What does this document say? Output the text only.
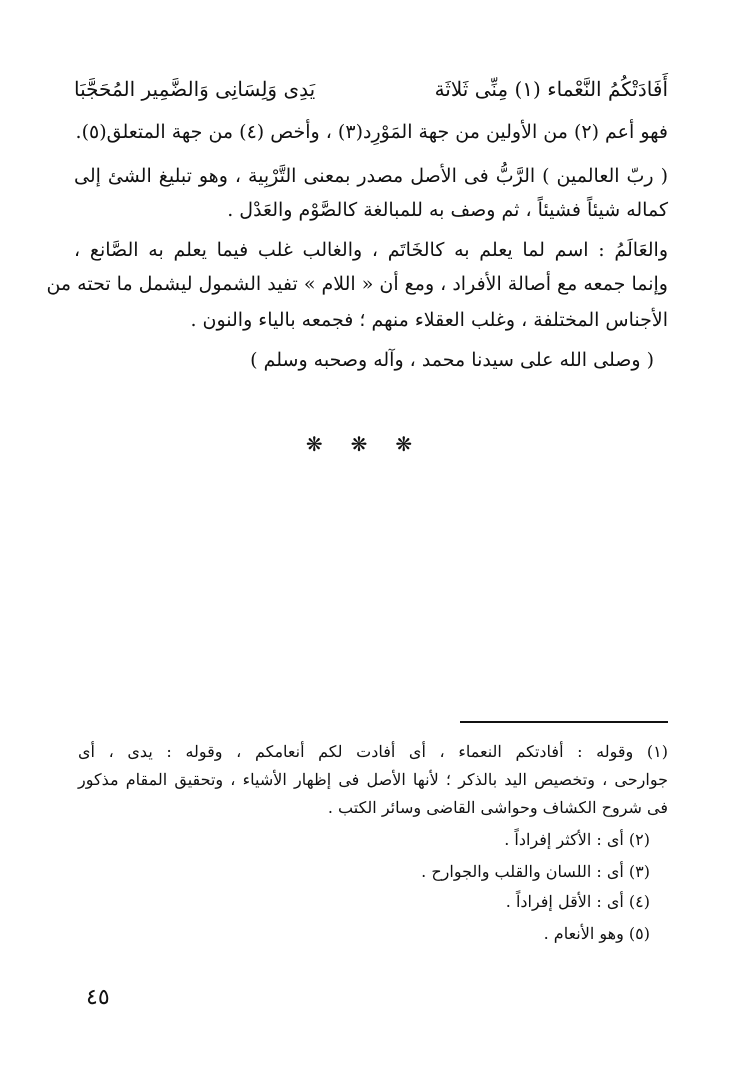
أَفَادَتْكُمُ النَّعْماء (١) مِنِّى ثَلاثَة
يَدِى وَلِسَانِى وَالضَّمِير المُحَجَّبَا
فهو أعم (٢) من الأولين من جهة المَوْرِد(٣) ، وأخص (٤) من جهة المتعلق(٥).
( ربّ العالمين ) الرَّبُّ فى الأصل مصدر بمعنى التَّرْبِية ، وهو تبليغ الشئ إلى
كماله شيئاً فشيئاً ، ثم وصف به للمبالغة كالصَّوْم والعَدْل .
والعَالَمُ : اسم لما يعلم به كالخَاتَم ، والغالب غلب فيما يعلم به الصَّانع ،
وإنما جمعه مع أصالة الأفراد ، ومع أن « اللام » تفيد الشمول ليشمل ما تحته من
الأجناس المختلفة ، وغلب العقلاء منهم ؛ فجمعه بالياء والنون .
( وصلى الله على سيدنا محمد ، وآله وصحبه وسلم )
❋❋❋
(١) وقوله : أفادتكم النعماء ، أى أفادت لكم أنعامكم ، وقوله : يدى ، أى
جوارحى ، وتخصيص اليد بالذكر ؛ لأنها الأصل فى إظهار الأشياء ، وتحقيق المقام مذكور
فى شروح الكشاف وحواشى القاضى وسائر الكتب .
(٢) أى : الأكثر إفراداً .
(٣) أى : اللسان والقلب والجوارح .
(٤) أى : الأقل إفراداً .
(٥) وهو الأنعام .
٤٥
